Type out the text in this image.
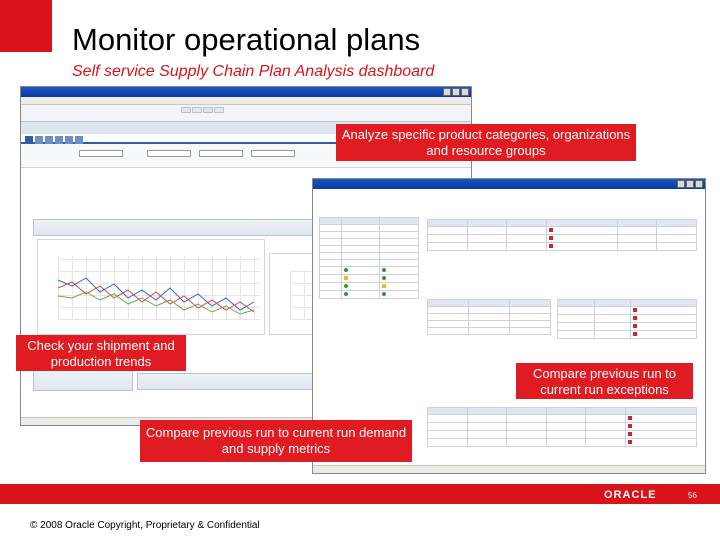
Monitor operational plans
Self service Supply Chain Plan Analysis dashboard

Analyze specific product categories, organizations and resource groups
Check your shipment and production trends
Compare previous run to current run exceptions
Compare previous run to current run demand and supply metrics
ORACLE	56
© 2008 Oracle Copyright, Proprietary & Confidential
